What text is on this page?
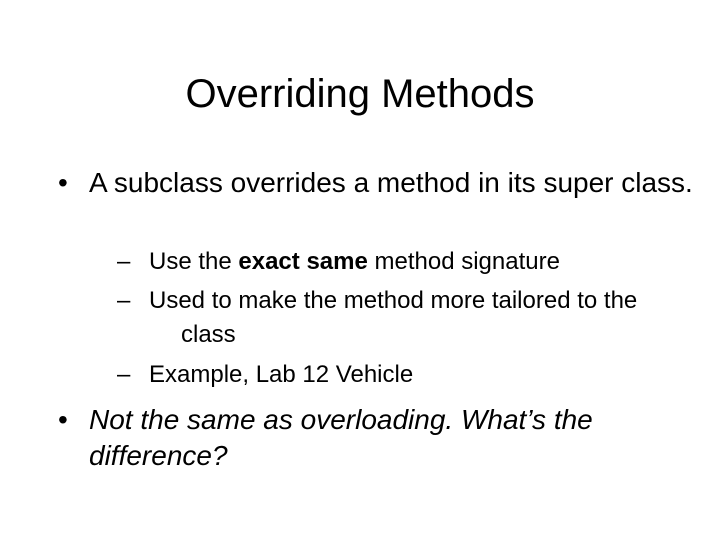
Overriding Methods
• A subclass overrides a method in its super class.
– Use the exact same method signature
– Used to make the method more tailored to the class
– Example, Lab 12 Vehicle
• Not the same as overloading. What’s the difference?
